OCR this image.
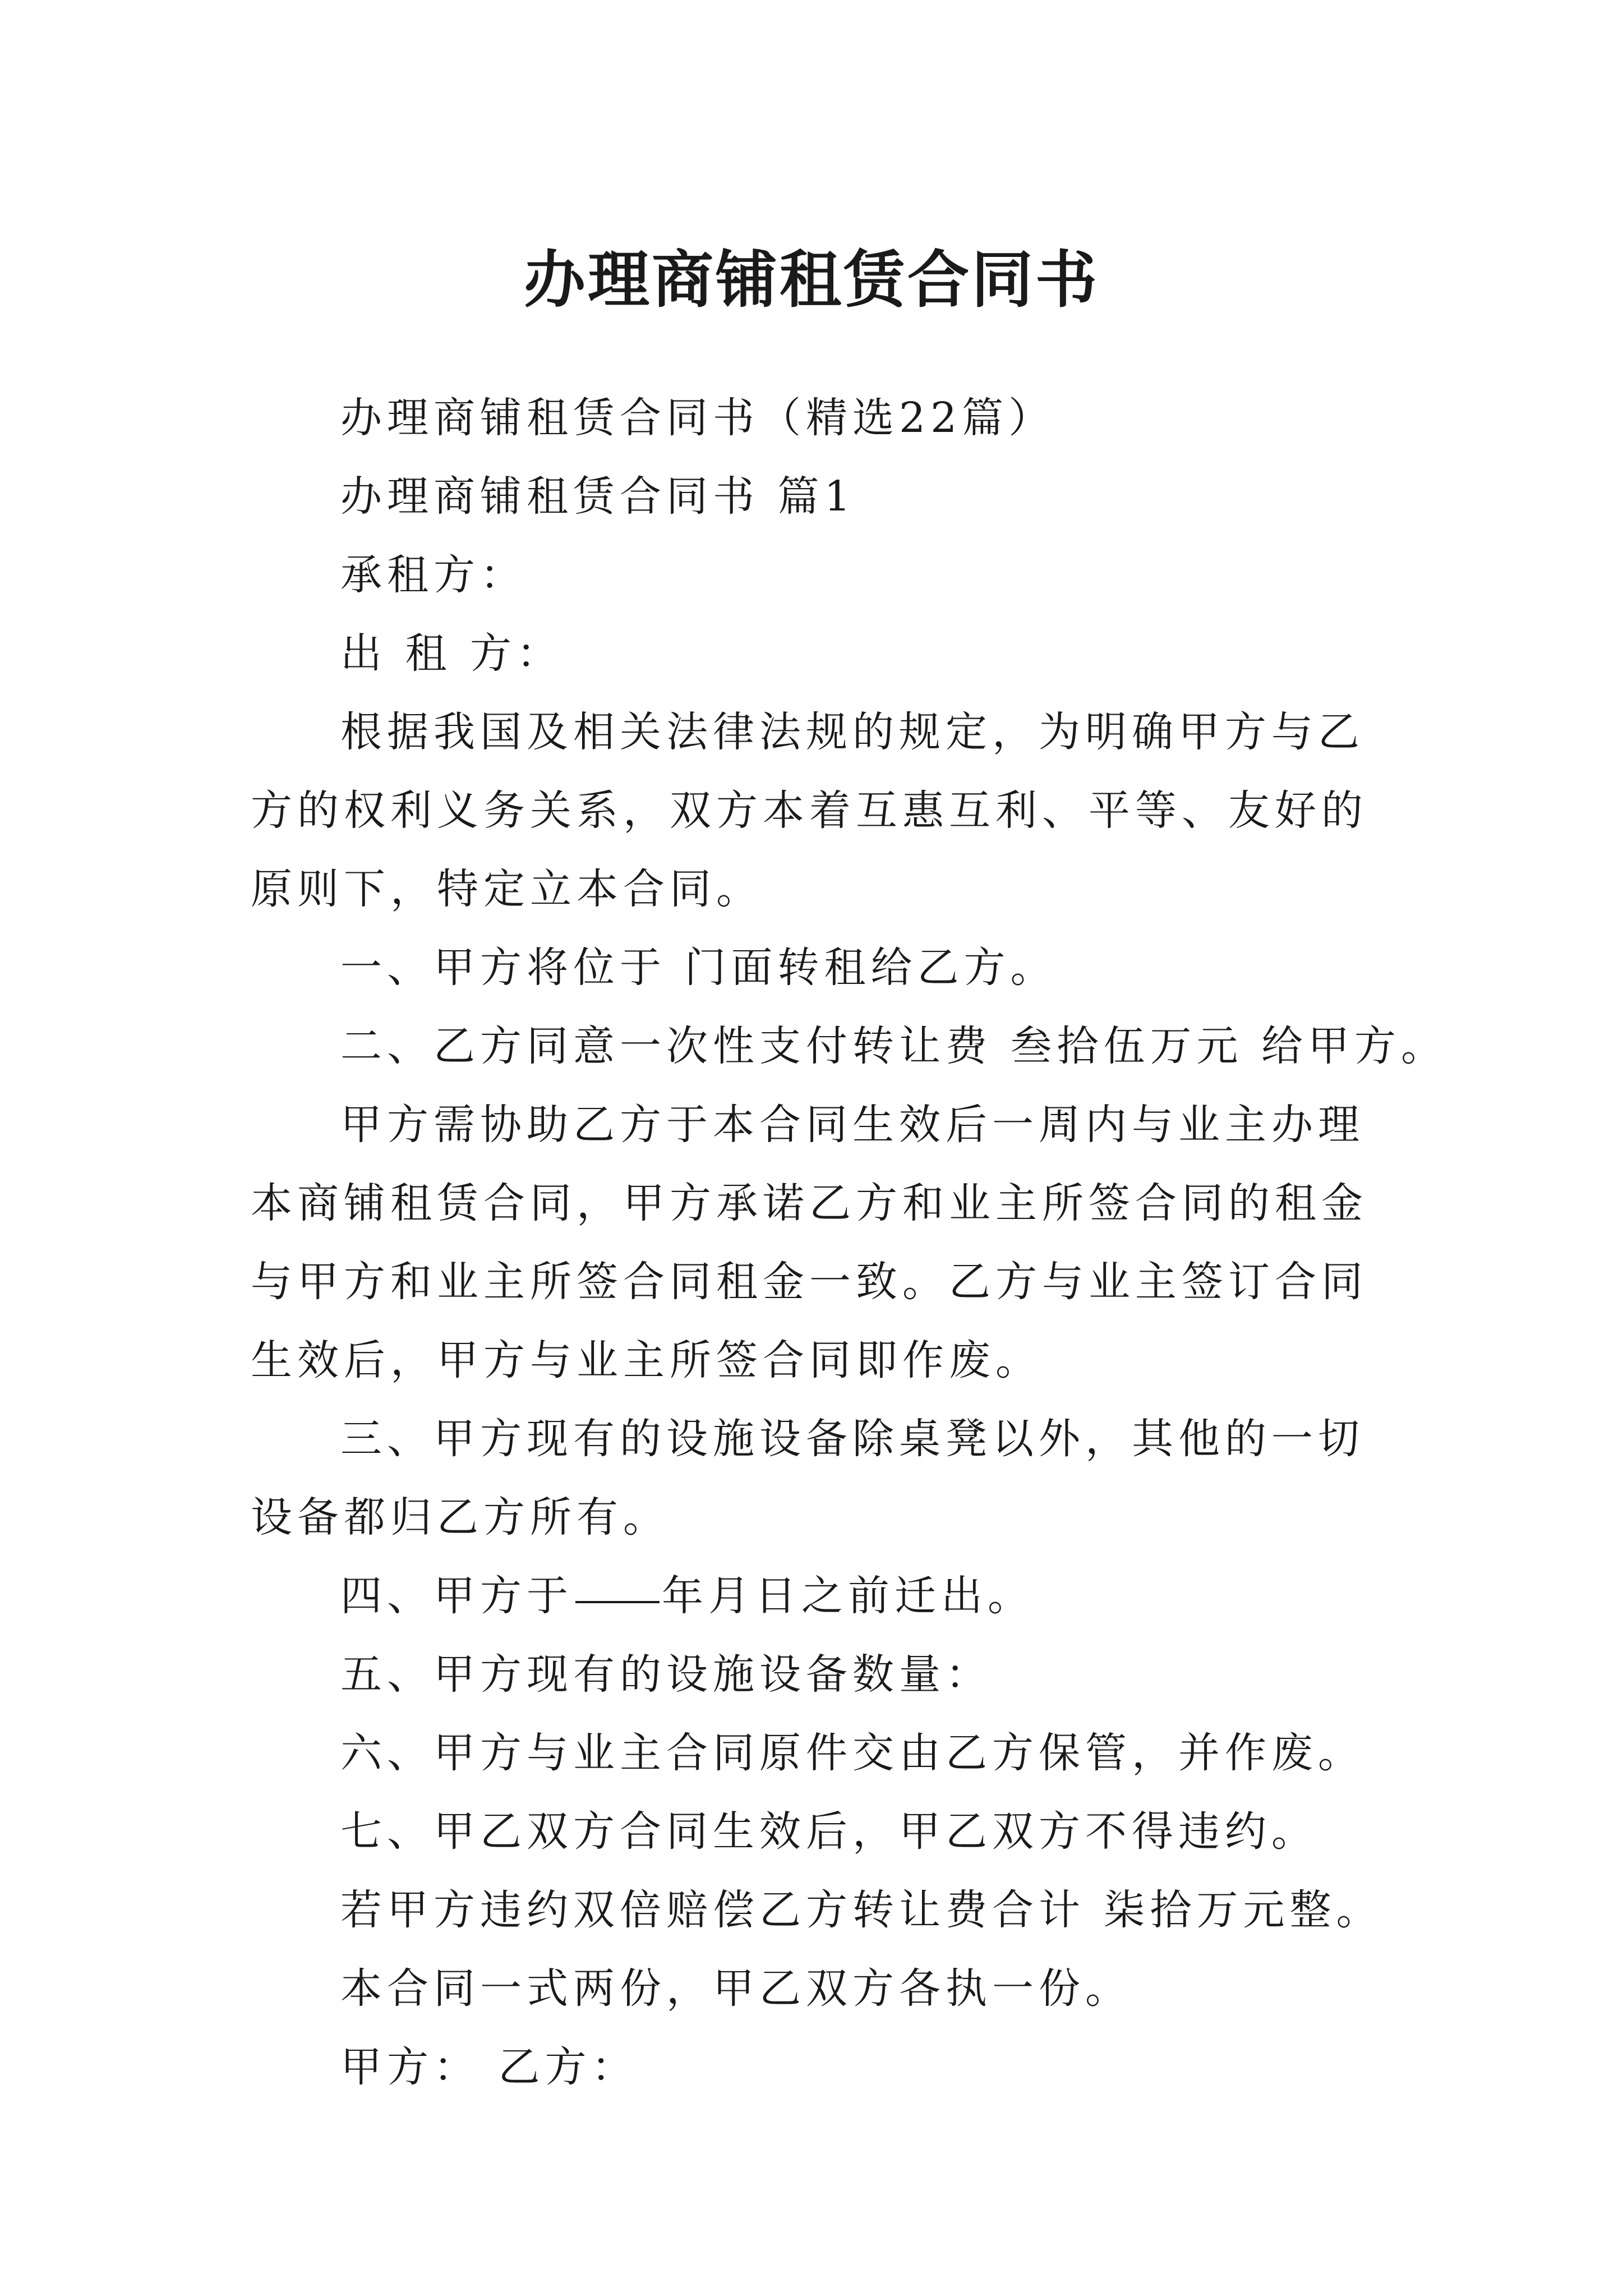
办理商铺租赁合同书

办理商铺租赁合同书（精选22篇）

办理商铺租赁合同书 篇1

承租方：

出 租 方：

根据我国及相关法律法规的规定，为明确甲方与乙方的权利义务关系，双方本着互惠互利、平等、友好的原则下，特定立本合同。

一、甲方将位于 门面转租给乙方。

二、乙方同意一次性支付转让费 叁拾伍万元 给甲方。

甲方需协助乙方于本合同生效后一周内与业主办理本商铺租赁合同，甲方承诺乙方和业主所签合同的租金与甲方和业主所签合同租金一致。乙方与业主签订合同生效后，甲方与业主所签合同即作废。

三、甲方现有的设施设备除桌凳以外，其他的一切设备都归乙方所有。

四、甲方于 年月日之前迁出。

五、甲方现有的设施设备数量：

六、甲方与业主合同原件交由乙方保管，并作废。

七、甲乙双方合同生效后，甲乙双方不得违约。

若甲方违约双倍赔偿乙方转让费合计 柒拾万元整。

本合同一式两份，甲乙双方各执一份。

甲方： 乙方：
